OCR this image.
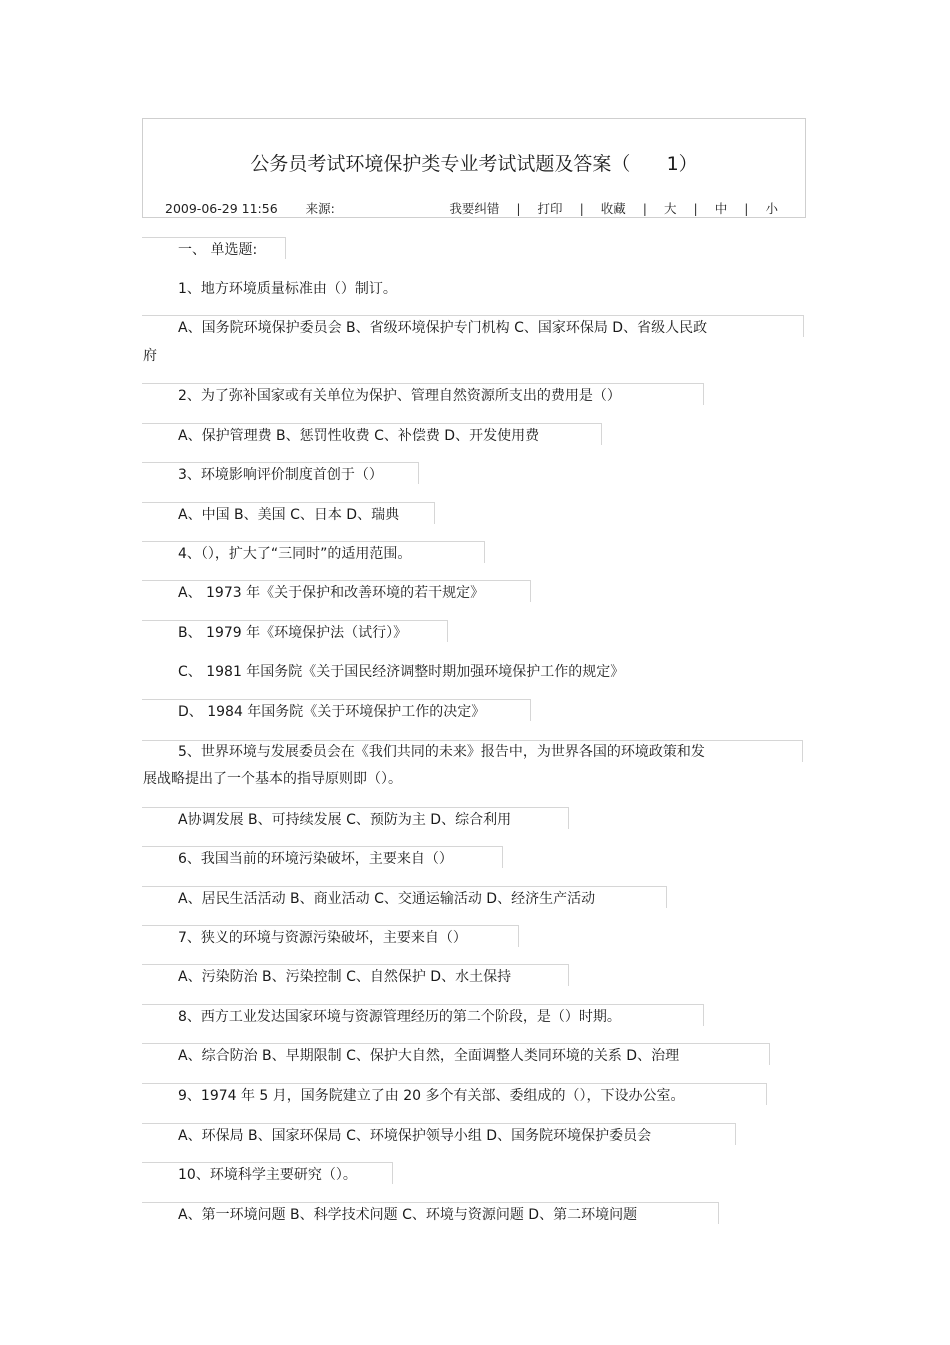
公务员考试环境保护类专业考试试题及答案（      1）
2009-06-29 11:56	来源:	我要纠错	|	打印	|	收藏	|	大	|	中	|	小
一、 单选题:
1、地方环境质量标准由（）制订。
A、国务院环境保护委员会 B、省级环境保护专门机构 C、国家环保局 D、省级人民政
府
2、为了弥补国家或有关单位为保护、管理自然资源所支出的费用是（）
A、保护管理费 B、惩罚性收费 C、补偿费 D、开发使用费
3、环境影响评价制度首创于（）
A、中国 B、美国 C、日本 D、瑞典
4、（），扩大了“三同时”的适用范围。
A、 1973 年《关于保护和改善环境的若干规定》
B、 1979 年《环境保护法（试行）》
C、 1981 年国务院《关于国民经济调整时期加强环境保护工作的规定》
D、 1984 年国务院《关于环境保护工作的决定》
5、世界环境与发展委员会在《我们共同的未来》报告中，为世界各国的环境政策和发
展战略提出了一个基本的指导原则即（）。
A协调发展 B、可持续发展 C、预防为主 D、综合利用
6、我国当前的环境污染破坏，主要来自（）
A、居民生活活动 B、商业活动 C、交通运输活动 D、经济生产活动
7、狭义的环境与资源污染破坏，主要来自（）
A、污染防治 B、污染控制 C、自然保护 D、水土保持
8、西方工业发达国家环境与资源管理经历的第二个阶段，是（）时期。
A、综合防治 B、早期限制 C、保护大自然，全面调整人类同环境的关系 D、治理
9、1974 年 5 月，国务院建立了由 20 多个有关部、委组成的（），下设办公室。
A、环保局 B、国家环保局 C、环境保护领导小组 D、国务院环境保护委员会
10、环境科学主要研究（）。
A、第一环境问题 B、科学技术问题 C、环境与资源问题 D、第二环境问题
